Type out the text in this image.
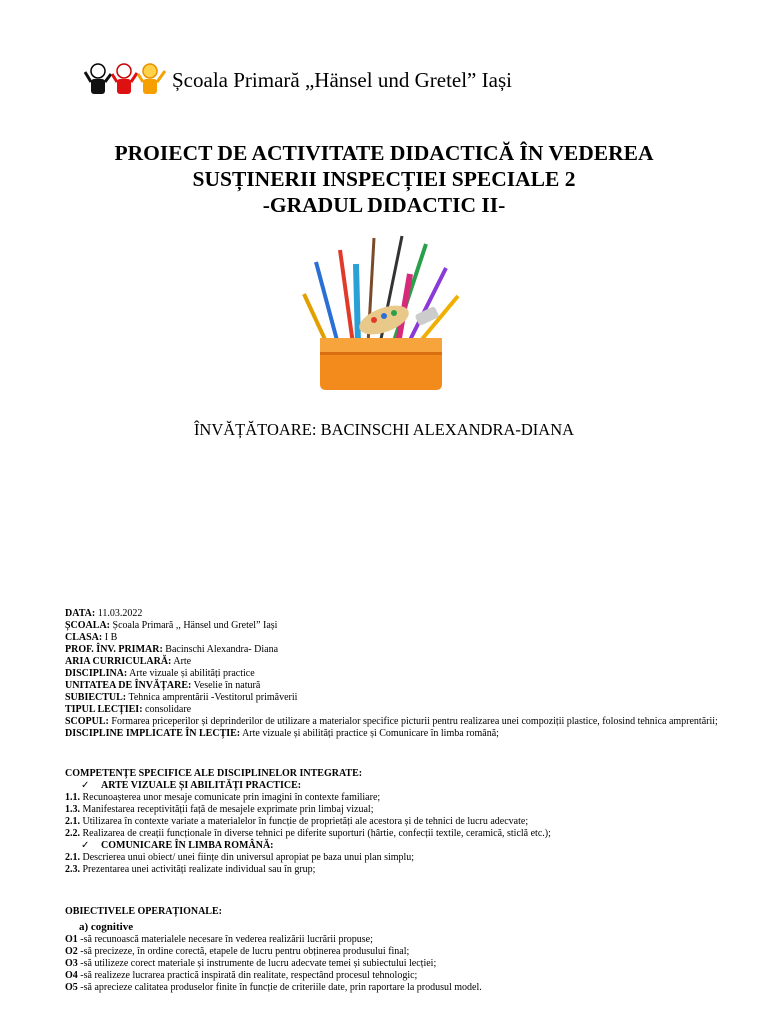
Școala Primară „Hänsel und Gretel” Iași
PROIECT DE ACTIVITATE DIDACTICĂ ÎN VEDEREA
SUSȚINERII INSPECȚIEI SPECIALE 2
-GRADUL DIDACTIC II-
ÎNVĂȚĂTOARE: BACINSCHI ALEXANDRA-DIANA

DATA: 11.03.2022

ȘCOALA: Școala Primară ,, Hänsel und Gretel” Iași

CLASA: I B

PROF. ÎNV. PRIMAR: Bacinschi Alexandra- Diana

ARIA CURRICULARĂ: Arte

DISCIPLINA: Arte vizuale și abilități practice

UNITATEA DE ÎNVĂȚARE: Veselie în natură

SUBIECTUL: Tehnica amprentării -Vestitorul primăverii

TIPUL LECȚIEI: consolidare

SCOPUL: Formarea priceperilor și deprinderilor de utilizare a materialor specifice picturii pentru realizarea unei compoziții plastice, folosind tehnica amprentării;

DISCIPLINE IMPLICATE ÎN LECȚIE: Arte vizuale și abilități practice și Comunicare în limba română;

COMPETENȚE SPECIFICE ALE DISCIPLINELOR INTEGRATE:

✓ ARTE VIZUALE ȘI ABILITĂȚI PRACTICE:

1.1. Recunoașterea unor mesaje comunicate prin imagini în contexte familiare;

1.3. Manifestarea receptivității față de mesajele exprimate prin limbaj vizual;

2.1. Utilizarea în contexte variate a materialelor în funcție de proprietăți ale acestora și de tehnici de lucru adecvate;

2.2. Realizarea de creații funcționale în diverse tehnici pe diferite suporturi (hârtie, confecții textile, ceramică, sticlă etc.);

✓ COMUNICARE ÎN LIMBA ROMÂNĂ:

2.1. Descrierea unui obiect/ unei ființe din universul apropiat pe baza unui plan simplu;

2.3. Prezentarea unei activități realizate individual sau în grup;

OBIECTIVELE OPERAȚIONALE:

a) cognitive

O1 -să recunoască materialele necesare în vederea realizării lucrării propuse;

O2 -să precizeze, în ordine corectă, etapele de lucru pentru obținerea produsului final;

O3 -să utilizeze corect materiale și instrumente de lucru adecvate temei și subiectului lecției;

O4 -să realizeze lucrarea practică inspirată din realitate, respectând procesul tehnologic;

O5 -să aprecieze calitatea produselor finite în funcție de criteriile date, prin raportare la produsul model.
